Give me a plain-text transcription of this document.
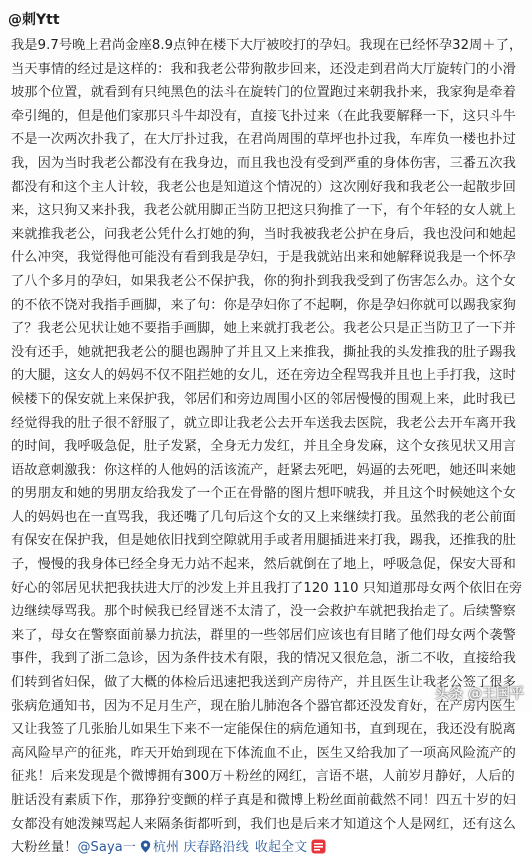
@刺Ytt

我是9.7号晚上君尚金座8.9点钟在楼下大厅被咬打的孕妇。我现在已经怀孕32周＋了，当天事情的经过是这样的：我和我老公带狗散步回来，还没走到君尚大厅旋转门的小滑坡那个位置，就看到有只纯黑色的法斗在旋转门的位置跑过来朝我扑来，我家狗是牵着牵引绳的，但是他们家那只斗牛却没有，直接飞扑过来（在此我要解释一下，这只斗牛不是一次两次扑我了，在大厅扑过我，在君尚周围的草坪也扑过我，车库负一楼也扑过我，因为当时我老公都没有在我身边，而且我也没有受到严重的身体伤害，三番五次我都没有和这个主人计较，我老公也是知道这个情况的）这次刚好我和我老公一起散步回来，这只狗又来扑我，我老公就用脚正当防卫把这只狗推了一下，有个年轻的女人就上来就推我老公，问我老公凭什么打她的狗，当时我被我老公护在身后，我也没问和她起什么冲突，我觉得他可能没有看到我是孕妇，于是我就站出来和她解释说我是一个怀孕了八个多月的孕妇，如果我老公不保护我，你的狗扑到我我受到了伤害怎么办。这个女的不依不饶对我指手画脚，来了句：你是孕妇你了不起啊，你是孕妇你就可以踢我家狗了？我老公见状让她不要指手画脚，她上来就打我老公。我老公只是正当防卫了一下并没有还手，她就把我老公的腿也踢肿了并且又上来推我，撕扯我的头发推我的肚子踢我的大腿，这女人的妈妈不仅不阻拦她的女儿，还在旁边全程骂我并且也上手打我，这时候楼下的保安就上来保护我，邻居们和旁边周围小区的邻居慢慢的围观上来，此时我已经觉得我的肚子很不舒服了，就立即让我老公去开车送我去医院，我老公去开车离开我的时间，我呼吸急促，肚子发紧，全身无力发红，并且全身发麻，这个女孩见状又用言语故意刺激我：你这样的人他妈的活该流产，赶紧去死吧，妈逼的去死吧，她还叫来她的男朋友和她的男朋友给我发了一个正在骨骼的图片想吓唬我，并且这个时候她这个女人的妈妈也在一直骂我，我还嘴了几句后这个女的又上来继续打我。虽然我的老公前面有保安在保护我，但是她依旧找到空隙就用手或者用腿插进来打我，踢我，还推我的肚子，慢慢的我身体已经全身无力站不起来，然后就倒在了地上，呼吸急促，保安大哥和好心的邻居见状把我扶进大厅的沙发上并且我打了120 110 只知道那母女两个依旧在旁边继续辱骂我。那个时候我已经冒迷不太清了，没一会救护车就把我抬走了。后续警察来了，母女在警察面前暴力抗法，群里的一些邻居们应该也有目睹了他们母女两个袭警事件，我到了浙二急诊，因为条件技术有限，我的情况又很危急，浙二不收，直接给我们转到省妇保，做了大概的体检后迅速把我送到产房待产，并且医生让我老公签了很多张病危通知书，因为不足月生产，现在胎儿肺泡各个器官都还没发育好，在产房内医生又让我签了几张胎儿如果生下来不一定能保住的病危通知书，直到现在，我还没有脱离高风险早产的征兆，昨天开始到现在下体流血不止，医生又给我加了一项高风险流产的征兆！后来发现是个微博拥有300万＋粉丝的网红，言语不堪，人前岁月静好，人后的脏话没有素质下作，那狰狞变颤的样子真是和微博上粉丝面前截然不同！四五十岁的妇女都没有她泼辣骂起人来隔条街都听到，我们也是后来才知道这个人是网红，还有这么大粉丝量！@Saya一 杭州 庆春路沿线 收起全文

头条 @王国平
